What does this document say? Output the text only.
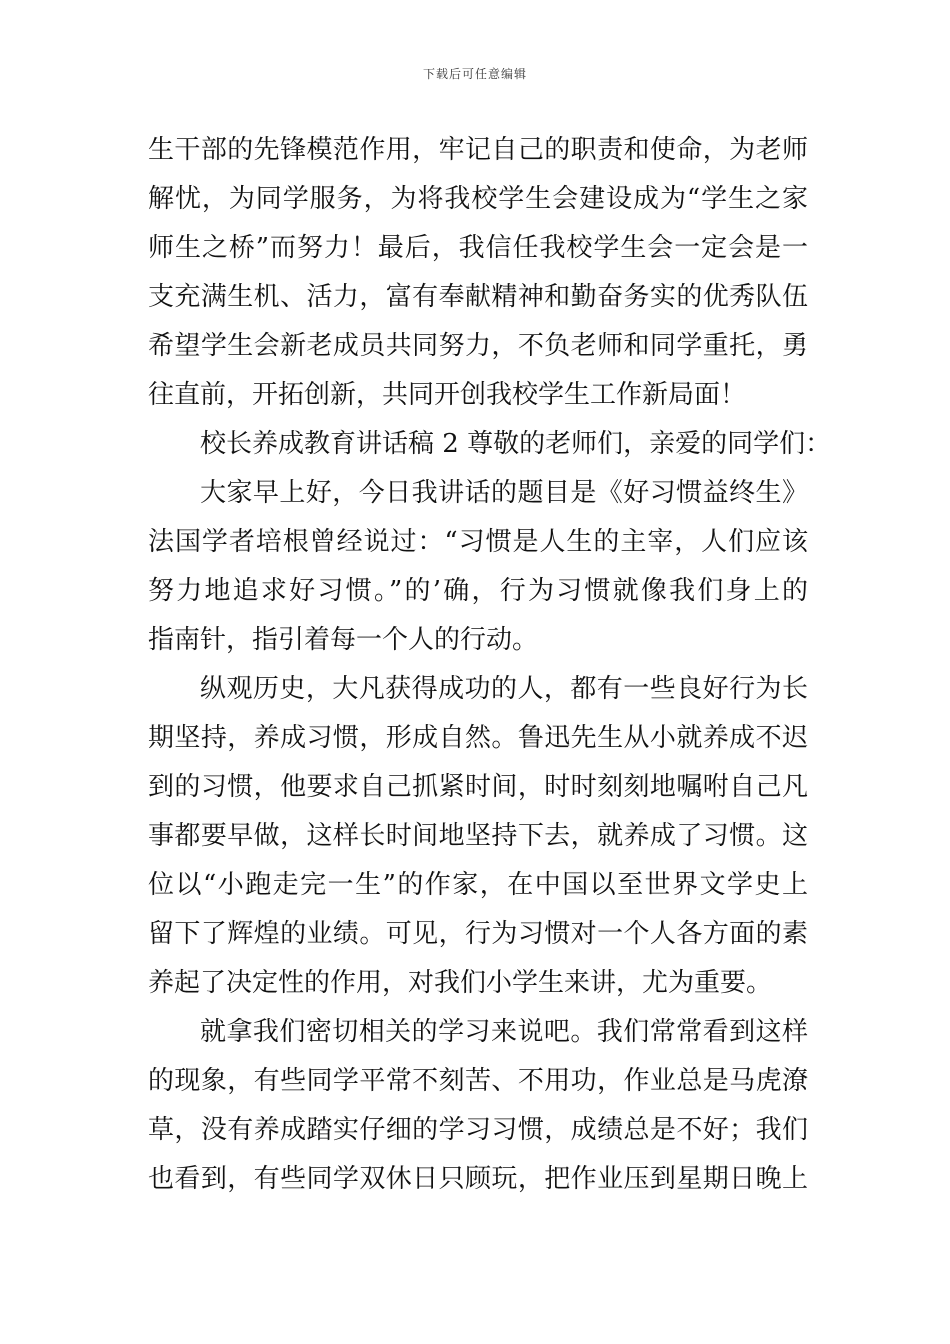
下载后可任意编辑
生干部的先锋模范作用，牢记自己的职责和使命，为老师
解忧，为同学服务，为将我校学生会建设成为“学生之家
师生之桥”而努力！最后，我信任我校学生会一定会是一
支充满生机、活力，富有奉献精神和勤奋务实的优秀队伍
希望学生会新老成员共同努力，不负老师和同学重托，勇
往直前，开拓创新，共同开创我校学生工作新局面！
校长养成教育讲话稿 2 尊敬的老师们，亲爱的同学们：
大家早上好，今日我讲话的题目是《好习惯益终生》
法国学者培根曾经说过：“习惯是人生的主宰，人们应该
努力地追求好习惯。”的’确，行为习惯就像我们身上的
指南针，指引着每一个人的行动。
纵观历史，大凡获得成功的人，都有一些良好行为长
期坚持，养成习惯，形成自然。鲁迅先生从小就养成不迟
到的习惯，他要求自己抓紧时间，时时刻刻地嘱咐自己凡
事都要早做，这样长时间地坚持下去，就养成了习惯。这
位以“小跑走完一生”的作家，在中国以至世界文学史上
留下了辉煌的业绩。可见，行为习惯对一个人各方面的素
养起了决定性的作用，对我们小学生来讲，尤为重要。
就拿我们密切相关的学习来说吧。我们常常看到这样
的现象，有些同学平常不刻苦、不用功，作业总是马虎潦
草，没有养成踏实仔细的学习习惯，成绩总是不好；我们
也看到，有些同学双休日只顾玩，把作业压到星期日晚上
